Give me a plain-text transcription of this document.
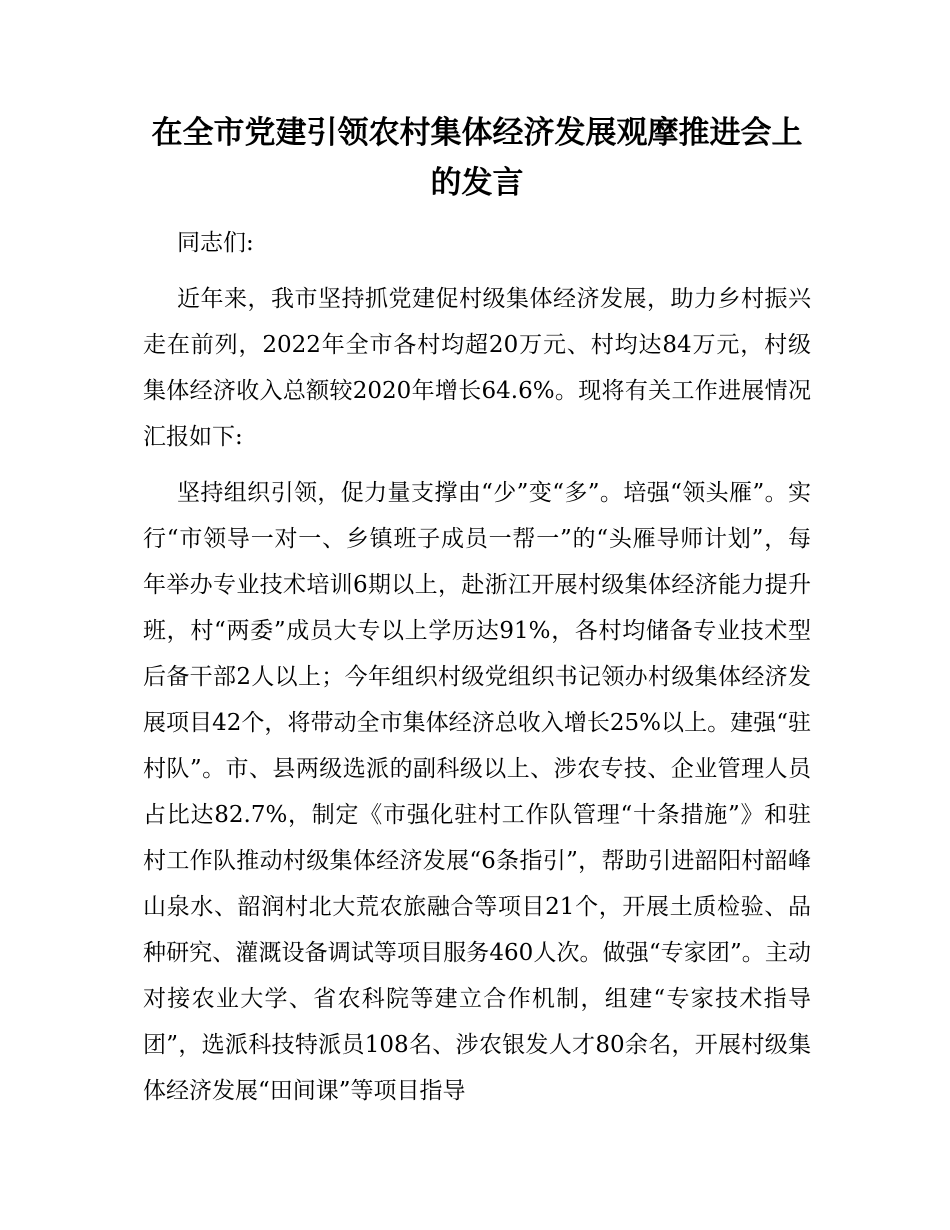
在全市党建引领农村集体经济发展观摩推进会上的发言

同志们:

近年来，我市坚持抓党建促村级集体经济发展，助力乡村振兴走在前列，2022年全市各村均超20万元、村均达84万元，村级集体经济收入总额较2020年增长64.6%。现将有关工作进展情况汇报如下:

坚持组织引领，促力量支撑由“少”变“多”。培强“领头雁”。实行“市领导一对一、乡镇班子成员一帮一”的“头雁导师计划”，每年举办专业技术培训6期以上，赴浙江开展村级集体经济能力提升班，村“两委”成员大专以上学历达91%，各村均储备专业技术型后备干部2人以上；今年组织村级党组织书记领办村级集体经济发展项目42个，将带动全市集体经济总收入增长25%以上。建强“驻村队”。市、县两级选派的副科级以上、涉农专技、企业管理人员占比达82.7%，制定《市强化驻村工作队管理“十条措施”》和驻村工作队推动村级集体经济发展“6条指引”，帮助引进韶阳村韶峰山泉水、韶润村北大荒农旅融合等项目21个，开展土质检验、品种研究、灌溉设备调试等项目服务460人次。做强“专家团”。主动对接农业大学、省农科院等建立合作机制，组建“专家技术指导团”，选派科技特派员108名、涉农银发人才80余名，开展村级集体经济发展“田间课”等项目指导
